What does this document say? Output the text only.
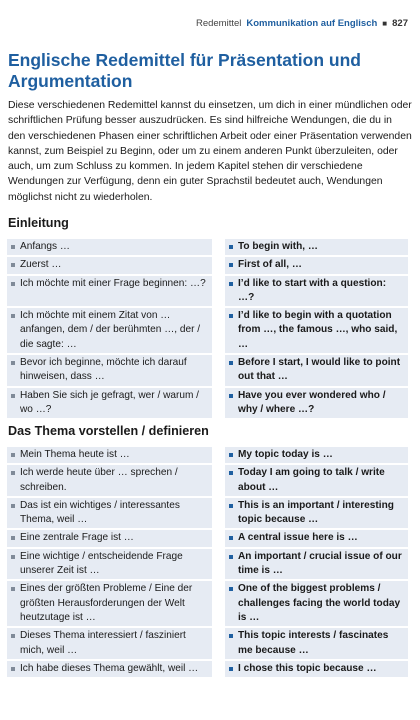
Redemittel Kommunikation auf Englisch ■ 827
Englische Redemittel für Präsentation und Argumentation

Diese verschiedenen Redemittel kannst du einsetzen, um dich in einer mündlichen oder schriftlichen Prüfung besser auszudrücken. Es sind hilfreiche Wendungen, die du in den verschiedenen Phasen einer schriftlichen Arbeit oder einer Präsentation verwenden kannst, zum Beispiel zu Beginn, oder um zu einem anderen Punkt überzuleiten, oder auch, um zum Schluss zu kommen. In jedem Kapitel stehen dir verschiedene Wendungen zur Verfügung, denn ein guter Sprachstil bedeutet auch, Wendungen möglichst nicht zu wiederholen.

Einleitung
Anfangs …	To begin with, …
Zuerst …	First of all, …
Ich möchte mit einer Frage beginnen: …?	I’d like to start with a question: …?
Ich möchte mit einem Zitat von … anfangen, dem / der berühmten …, der / die sagte: …	I’d like to begin with a quotation from …, the famous …, who said, …
Bevor ich beginne, möchte ich darauf hinweisen, dass …	Before I start, I would like to point out that …
Haben Sie sich je gefragt, wer / warum / wo …?	Have you ever wondered who / why / where …?
Das Thema vorstellen / definieren
Mein Thema heute ist …	My topic today is …
Ich werde heute über … sprechen / schreiben.	Today I am going to talk / write about …
Das ist ein wichtiges / interessantes Thema, weil …	This is an important / interesting topic because …
Eine zentrale Frage ist …	A central issue here is …
Eine wichtige / entscheidende Frage unserer Zeit ist …	An important / crucial issue of our time is …
Eines der größten Probleme / Eine der größten Herausforderungen der Welt heutzutage ist …	One of the biggest problems / challenges facing the world today is …
Dieses Thema interessiert / fasziniert mich, weil …	This topic interests / fascinates me because …
Ich habe dieses Thema gewählt, weil …	I chose this topic because …
